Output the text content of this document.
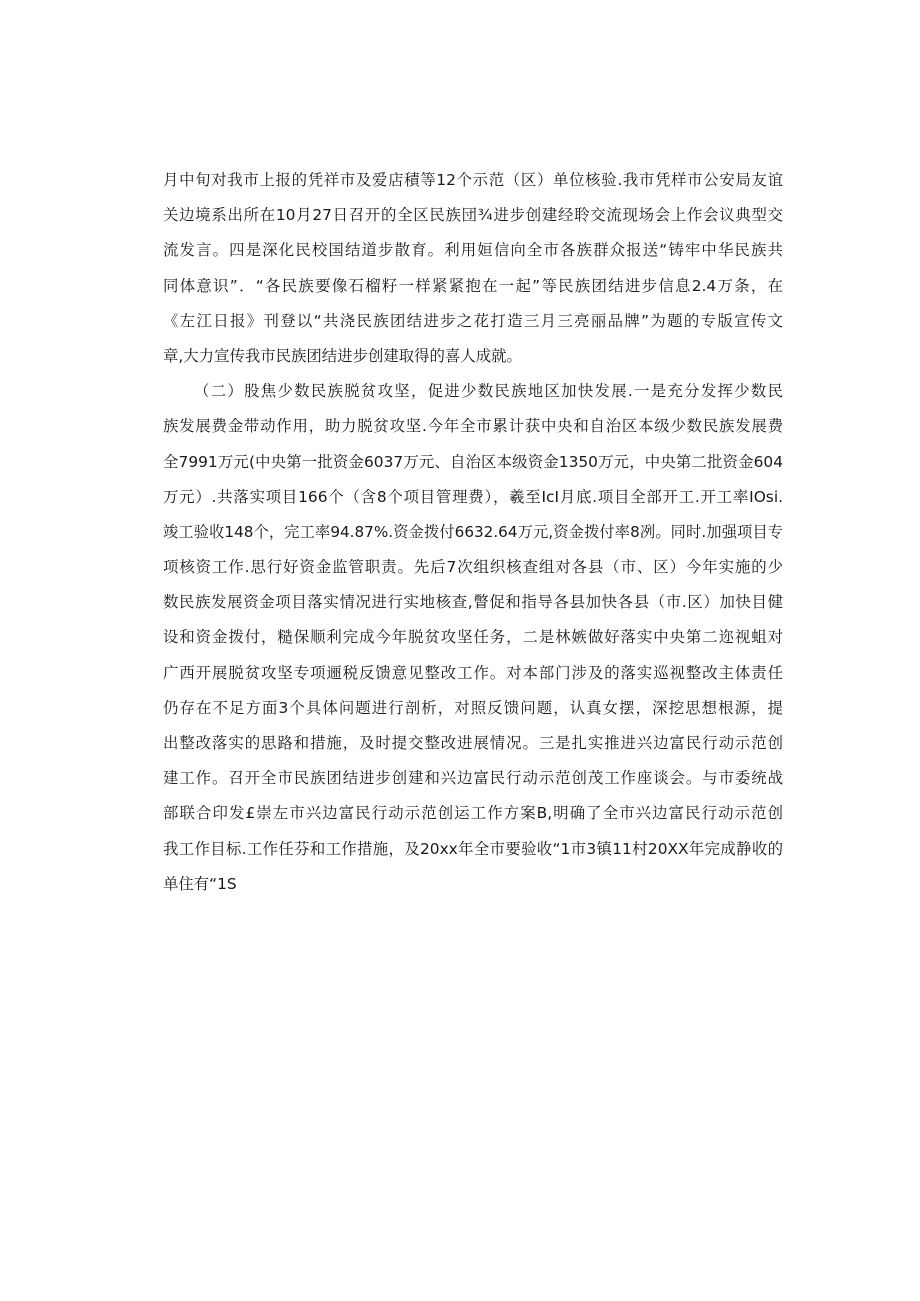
月中旬对我市上报的凭祥市及爱店積等12个示范（区）单位核验.我市凭样市公安局友谊
关边境系出所在10月27日召开的全区民族団¾进步创建经聆交流现场会上作会议典型交
流发言。四是深化民校国结道步散育。利用姮信向全市各族群众报送“铸牢中华民族共
同体意识”．“各民族要像石榴籽一样紧紧抱在一起”等民族团结进步信息2.4万条，在
《左江日报》刊登以“共浇民族团结进步之花打造三月三亮丽品牌”为题的专版宣传文
章,大力宣传我市民族团结进步创建取得的喜人成就。
（二）股焦少数民族脱贫攻坚，促进少数民族地区加快发展.一是充分发挥少数民
族发展费金带动作用，助力脱贫攻坚.今年全市累计获中央和自治区本级少数民族发展费
全7991万元(中央第一批资金6037万元、自治区本级资金1350万元，中央第二批资金604
万元）.共落实项目166个（含8个项目管理费），羲至IcI月底.项目全部开工.开工率IOsi.
竣工验收148个，完工率94.87%.资金拨付6632.64万元,资金拨付率8冽。同时.加强项目专
项核资工作.思行好资金监管职责。先后7次组织核查组对各县（市、区）今年实施的少
数民族发展资金项目落实情况进行实地核查,瞥促和指导各县加快各县（市.区）加快目健
设和资金拨付，糙保顺利完成今年脱贫攻坚任务，二是林嫉做好落实中央第二迩视蛆对
广西开展脱贫攻坚专项逦税反馈意见整改工作。对本部门涉及的落实巡视整改主体责任
仍存在不足方面3个具体问题进行剖析，对照反馈问题，认真女摆，深挖思想根源，提
出整改落实的思路和措施，及时提交整改进展情况。三是扎实推进兴边富民行动示范创
建工作。召开全市民族团结进步创建和兴边富民行动示范创茂工作座谈会。与市委统战
部联合印发£崇左市兴边富民行动示范创运工作方案B,明确了全市兴边富民行动示范创
我工作目标.工作任芬和工作措施，及20xx年全市要验收“1市3镇11村20XX年完成静收的
单住有“1S
